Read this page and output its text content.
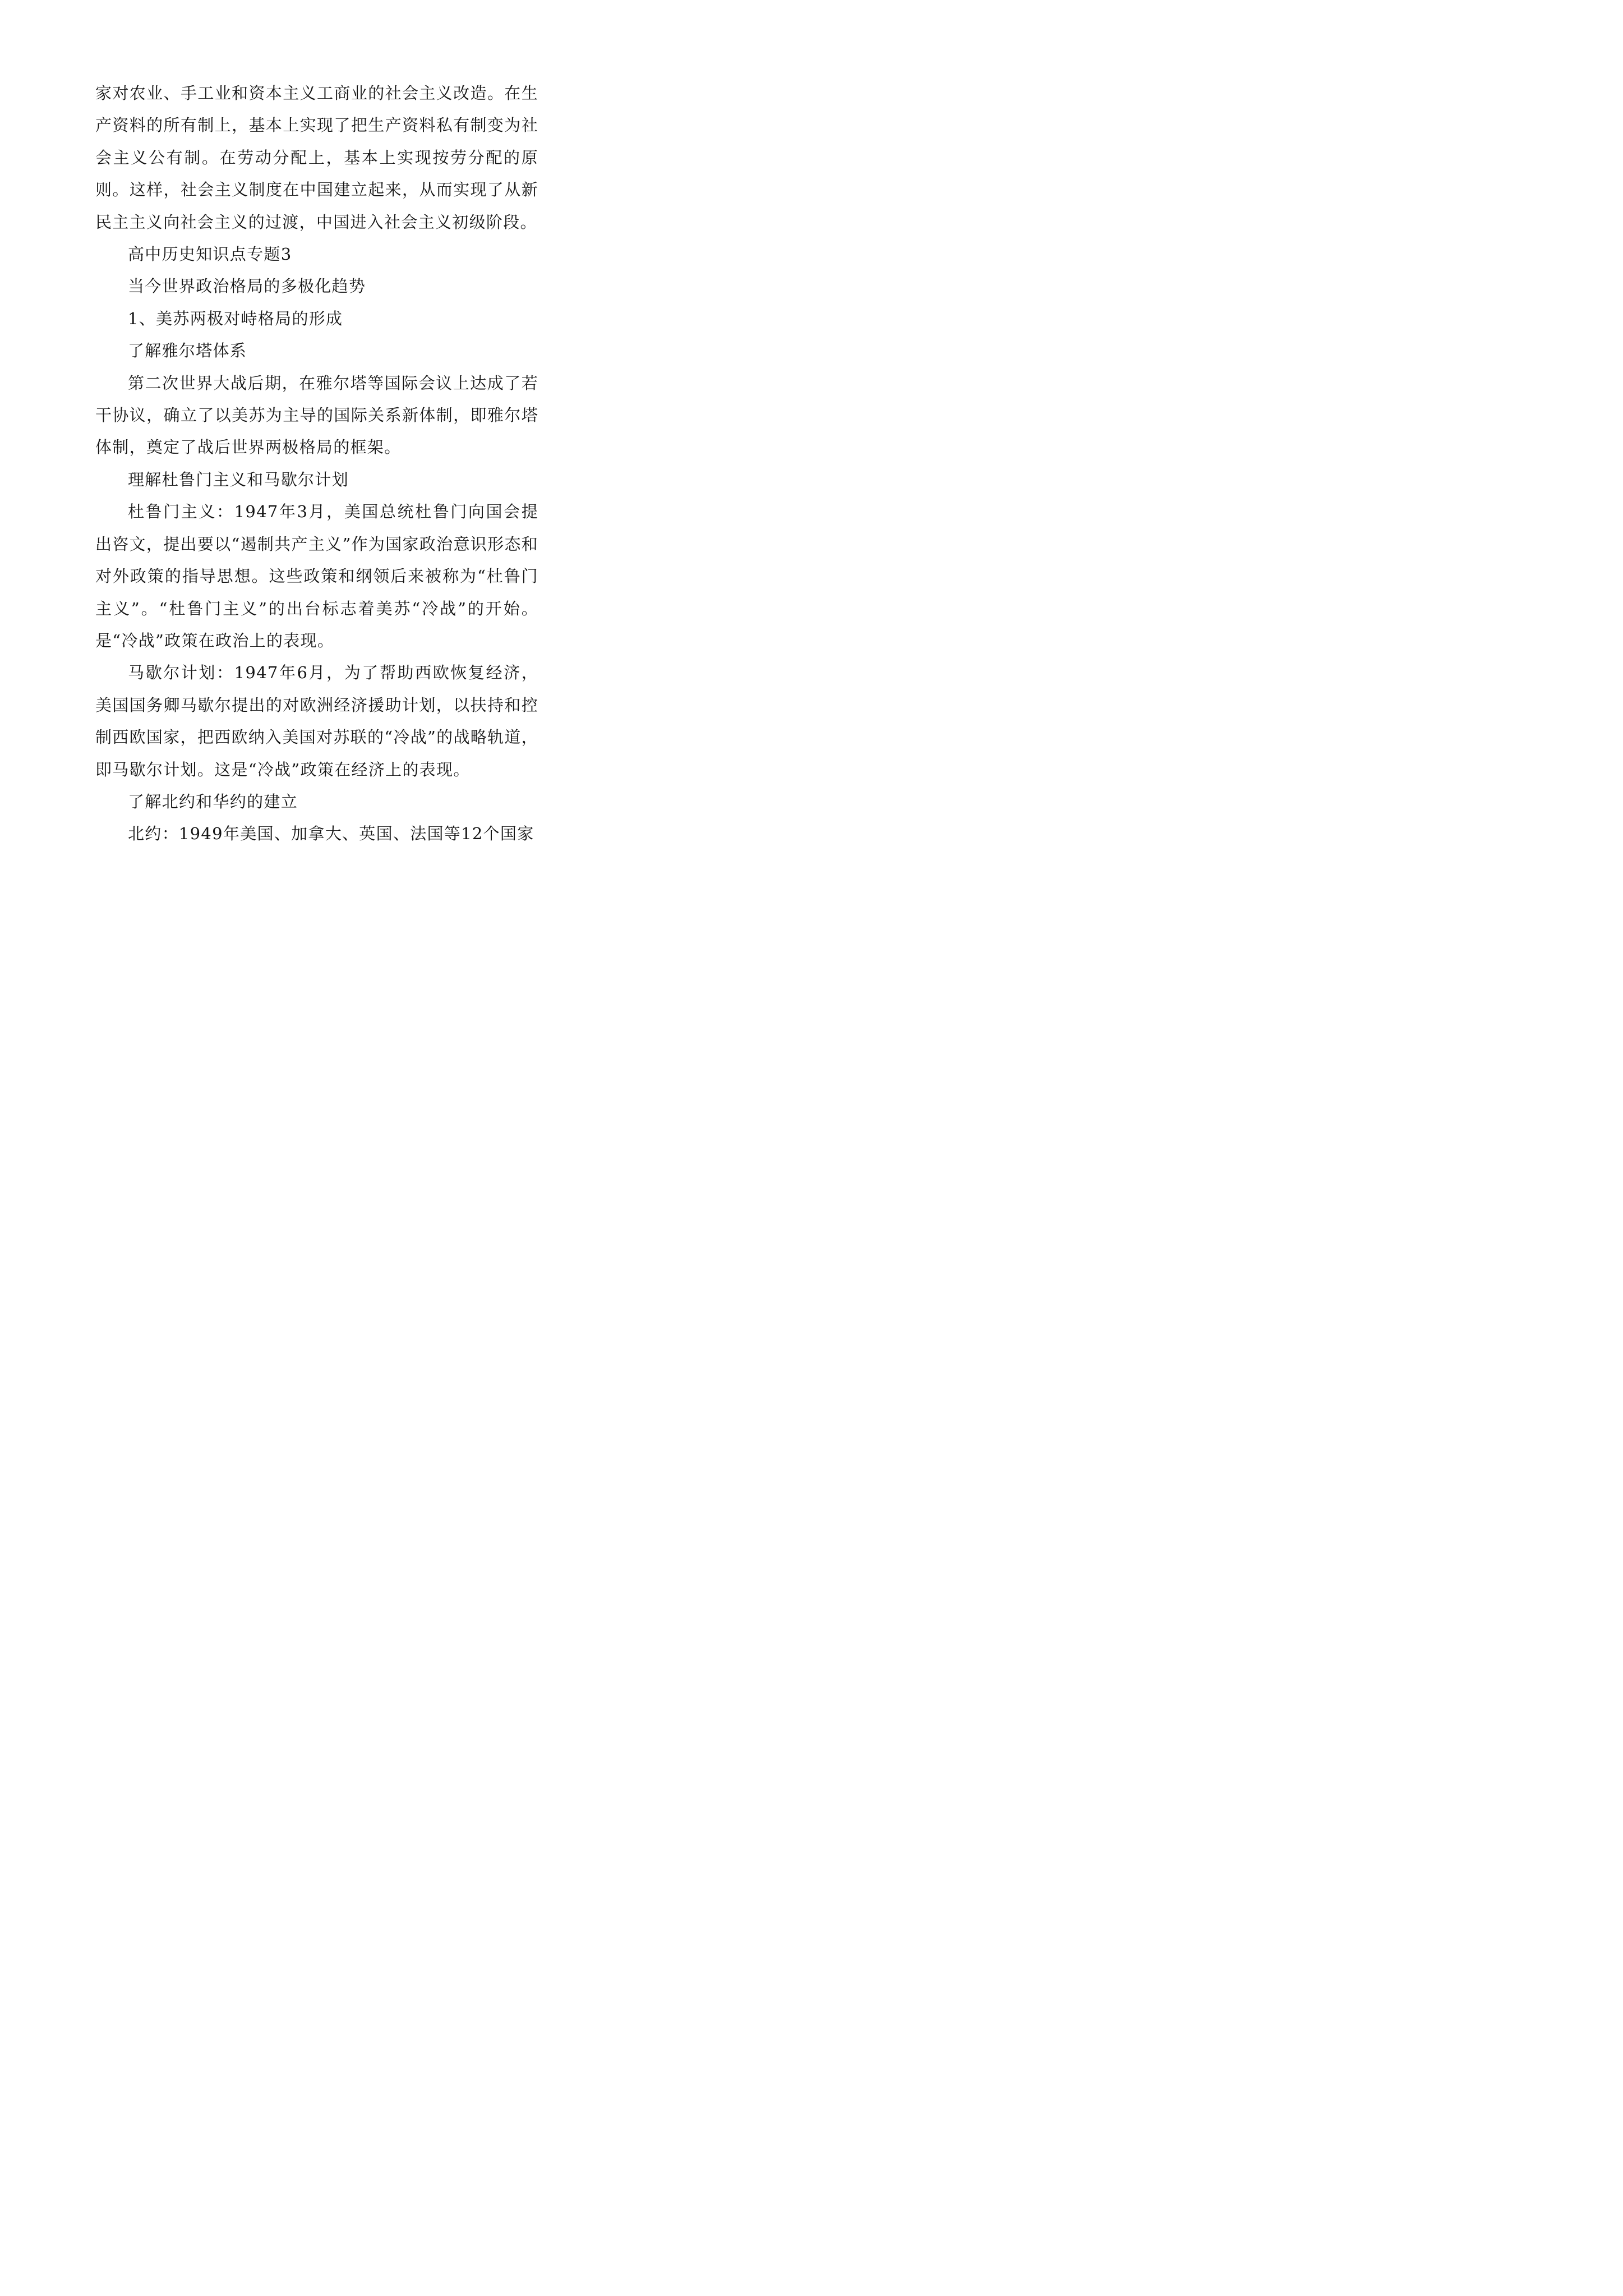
家对农业、手工业和资本主义工商业的社会主义改造。在生产资料的所有制上，基本上实现了把生产资料私有制变为社会主义公有制。在劳动分配上，基本上实现按劳分配的原则。这样，社会主义制度在中国建立起来，从而实现了从新民主主义向社会主义的过渡，中国进入社会主义初级阶段。

高中历史知识点专题3

当今世界政治格局的多极化趋势

1、美苏两极对峙格局的形成

了解雅尔塔体系

第二次世界大战后期，在雅尔塔等国际会议上达成了若干协议，确立了以美苏为主导的国际关系新体制，即雅尔塔体制，奠定了战后世界两极格局的框架。

理解杜鲁门主义和马歇尔计划

杜鲁门主义：1947年3月，美国总统杜鲁门向国会提出咨文，提出要以“遏制共产主义”作为国家政治意识形态和对外政策的指导思想。这些政策和纲领后来被称为“杜鲁门主义”。“杜鲁门主义”的出台标志着美苏“冷战”的开始。是“冷战”政策在政治上的表现。

马歇尔计划：1947年6月，为了帮助西欧恢复经济，美国国务卿马歇尔提出的对欧洲经济援助计划，以扶持和控制西欧国家，把西欧纳入美国对苏联的“冷战”的战略轨道，即马歇尔计划。这是“冷战”政策在经济上的表现。

了解北约和华约的建立

北约：1949年美国、加拿大、英国、法国等12个国家
